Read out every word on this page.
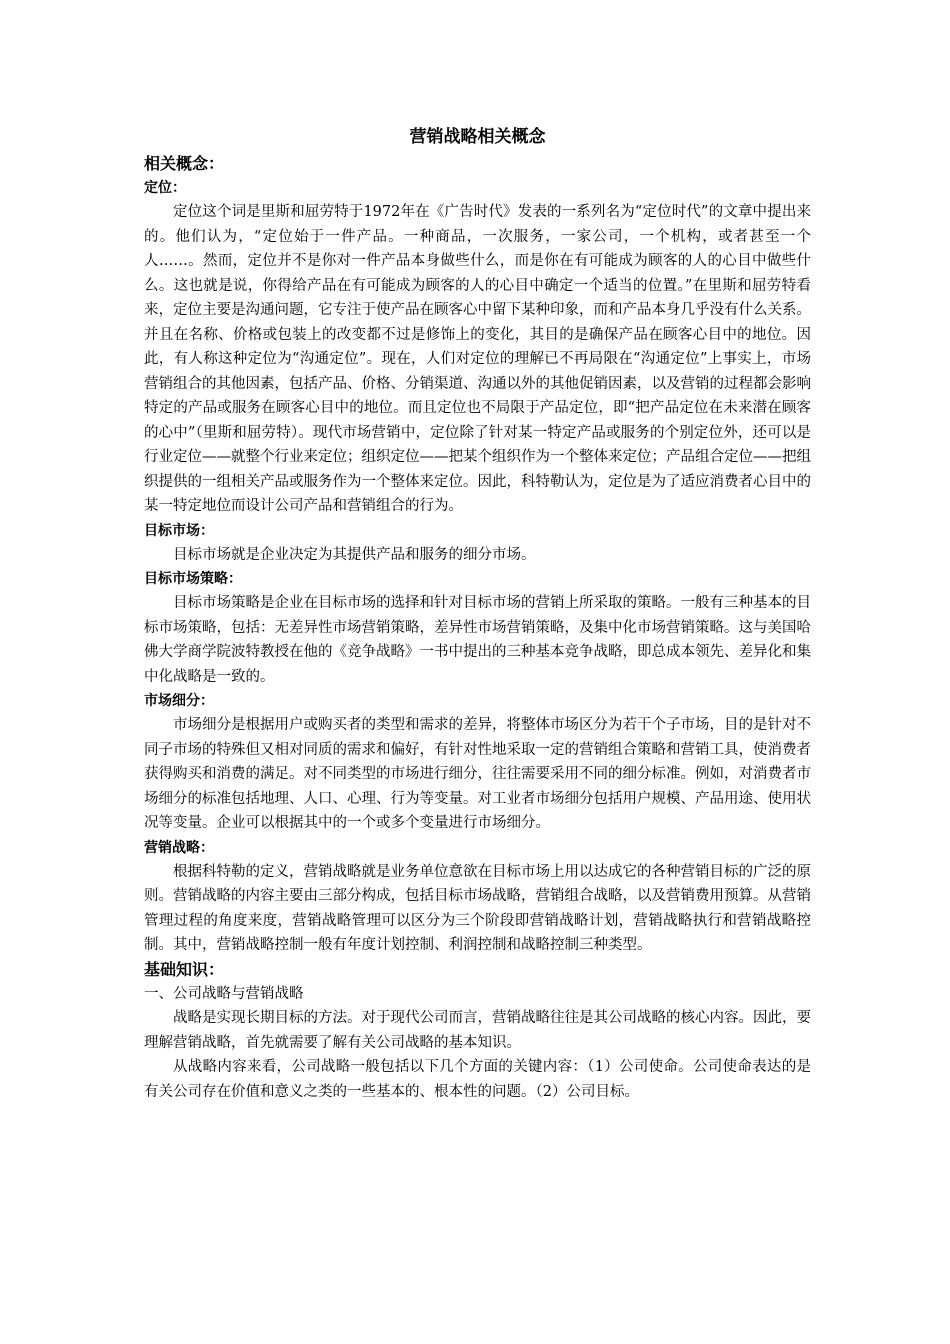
营销战略相关概念
相关概念：
定位：

定位这个词是里斯和屈劳特于1972年在《广告时代》发表的一系列名为“定位时代”的文章中提出来的。他们认为，“定位始于一件产品。一种商品，一次服务，一家公司，一个机构，或者甚至一个人……。然而，定位并不是你对一件产品本身做些什么，而是你在有可能成为顾客的人的心目中做些什么。这也就是说，你得给产品在有可能成为顾客的人的心目中确定一个适当的位置。”在里斯和屈劳特看来，定位主要是沟通问题，它专注于使产品在顾客心中留下某种印象，而和产品本身几乎没有什么关系。并且在名称、价格或包装上的改变都不过是修饰上的变化，其目的是确保产品在顾客心目中的地位。因此，有人称这种定位为“沟通定位”。现在，人们对定位的理解已不再局限在“沟通定位”上事实上，市场营销组合的其他因素，包括产品、价格、分销渠道、沟通以外的其他促销因素，以及营销的过程都会影响特定的产品或服务在顾客心目中的地位。而且定位也不局限于产品定位，即“把产品定位在未来潜在顾客的心中”（里斯和屈劳特）。现代市场营销中，定位除了针对某一特定产品或服务的个别定位外，还可以是行业定位——就整个行业来定位；组织定位——把某个组织作为一个整体来定位；产品组合定位——把组织提供的一组相关产品或服务作为一个整体来定位。因此，科特勒认为，定位是为了适应消费者心目中的某一特定地位而设计公司产品和营销组合的行为。

目标市场：

目标市场就是企业决定为其提供产品和服务的细分市场。

目标市场策略：

目标市场策略是企业在目标市场的选择和针对目标市场的营销上所采取的策略。一般有三种基本的目标市场策略，包括：无差异性市场营销策略，差异性市场营销策略，及集中化市场营销策略。这与美国哈佛大学商学院波特教授在他的《竞争战略》一书中提出的三种基本竞争战略，即总成本领先、差异化和集中化战略是一致的。

市场细分：

市场细分是根据用户或购买者的类型和需求的差异，将整体市场区分为若干个子市场，目的是针对不同子市场的特殊但又相对同质的需求和偏好，有针对性地采取一定的营销组合策略和营销工具，使消费者获得购买和消费的满足。对不同类型的市场进行细分，往往需要采用不同的细分标准。例如，对消费者市场细分的标准包括地理、人口、心理、行为等变量。对工业者市场细分包括用户规模、产品用途、使用状况等变量。企业可以根据其中的一个或多个变量进行市场细分。

营销战略：

根据科特勒的定义，营销战略就是业务单位意欲在目标市场上用以达成它的各种营销目标的广泛的原则。营销战略的内容主要由三部分构成，包括目标市场战略，营销组合战略，以及营销费用预算。从营销管理过程的角度来度，营销战略管理可以区分为三个阶段即营销战略计划，营销战略执行和营销战略控制。其中，营销战略控制一般有年度计划控制、利润控制和战略控制三种类型。

基础知识：
一、公司战略与营销战略

战略是实现长期目标的方法。对于现代公司而言，营销战略往往是其公司战略的核心内容。因此，要理解营销战略，首先就需要了解有关公司战略的基本知识。

从战略内容来看，公司战略一般包括以下几个方面的关键内容：（1）公司使命。公司使命表达的是有关公司存在价值和意义之类的一些基本的、根本性的问题。（2）公司目标。
